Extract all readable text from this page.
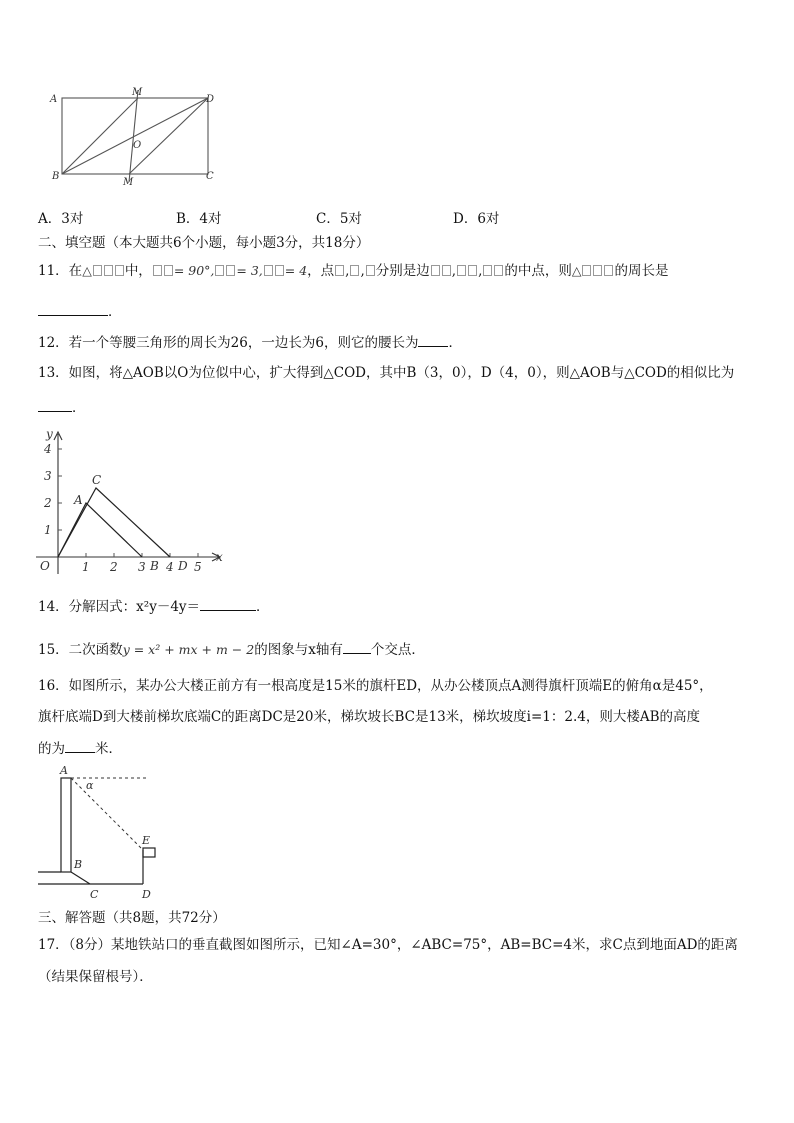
A
M
D
O
B
M
C
A．3对	B．4对	C．5对	D．6对
二、填空题（本大题共6个小题，每小题3分，共18分）
11．在△ 中， = 90°, = 3, = 4，点 , , 分别是边 , , 的中点，则△ 的周长是
．
12．若一个等腰三角形的周长为26，一边长为6，则它的腰长为 ．
13．如图，将△AOB以O为位似中心，扩大得到△COD，其中B（3，0），D（4，0），则△AOB与△COD的相似比为
．
y
x
O
1
2
3
4
1 2 3 4 5
A
B
C
D
14．分解因式：x²y－4y＝	．
15．二次函数y = x² + mx + m − 2的图象与x轴有 个交点．
16．如图所示，某办公大楼正前方有一根高度是15米的旗杆ED，从办公楼顶点A测得旗杆顶端E的俯角α是45°，
旗杆底端D到大楼前梯坎底端C的距离DC是20米，梯坎坡长BC是13米，梯坎坡度i=1：2.4，则大楼AB的高度
的为 米．
A
α
E
B
C	D
三、解答题（共8题，共72分）
17．（8分）某地铁站口的垂直截图如图所示，已知∠A=30°，∠ABC=75°，AB=BC=4米，求C点到地面AD的距离
（结果保留根号）．
